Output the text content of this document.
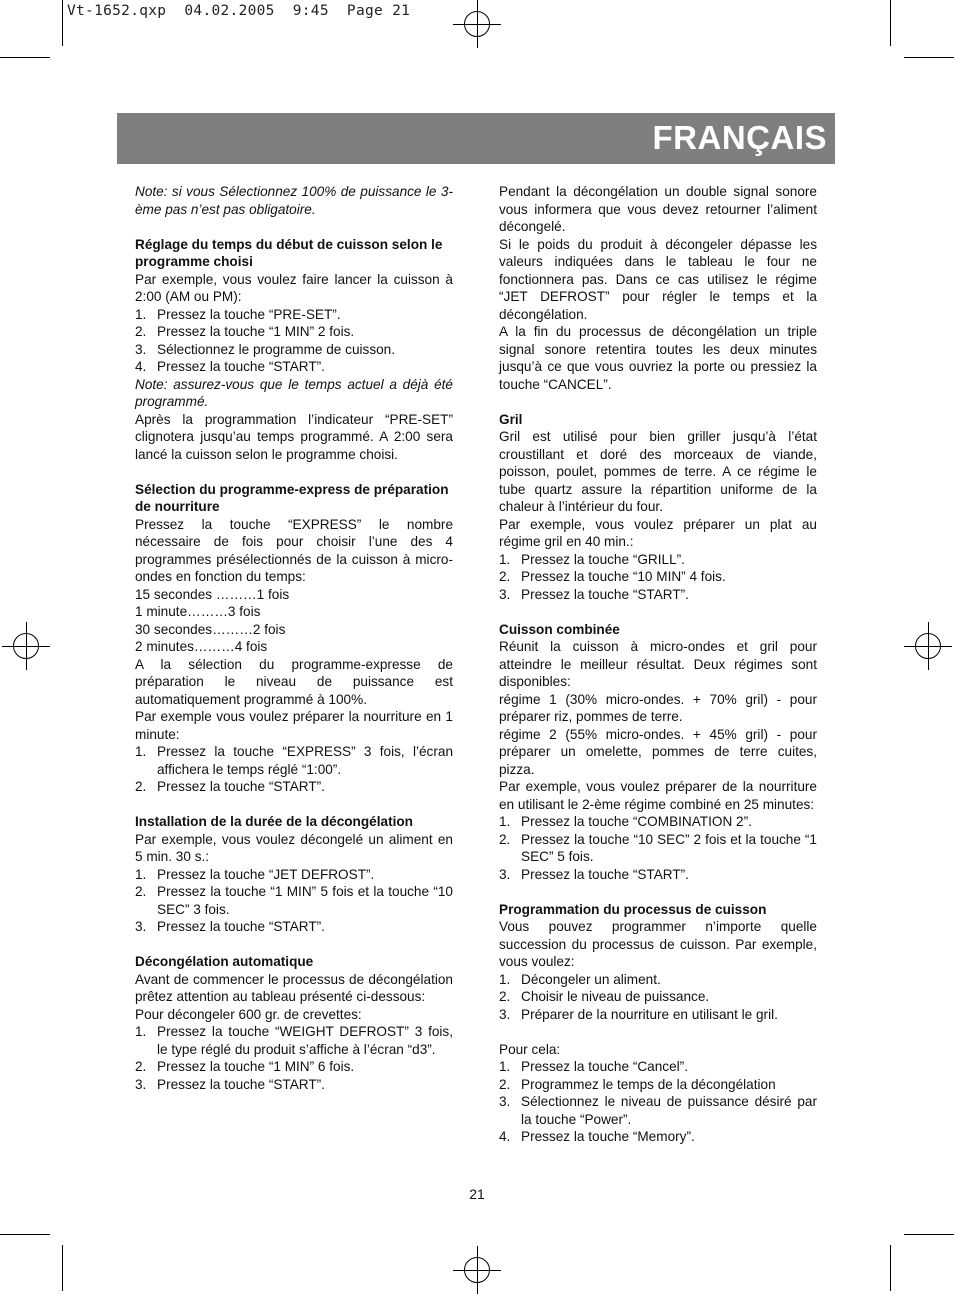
Vt-1652.qxp  04.02.2005  9:45  Page 21
FRANÇAIS

Note: si vous Sélectionnez 100% de puissance le 3-ème pas n’est pas obligatoire.

Réglage du temps du début de cuisson selon le programme choisi

Par exemple, vous voulez faire lancer la cuisson à 2:00 (AM ou PM):

1. Pressez la touche “PRE-SET”.
2. Pressez la touche “1 MIN” 2 fois.
3. Sélectionnez le programme de cuisson.
4. Pressez la touche “START”.

Note: assurez-vous que le temps actuel a déjà été programmé.

Après la programmation l’indicateur “PRE-SET” clignotera jusqu’au temps programmé. A 2:00 sera lancé la cuisson selon le programme choisi.

Sélection du programme-express de préparation de nourriture

Pressez la touche “EXPRESS” le nombre nécessaire de fois pour choisir l’une des 4 programmes présélectionnés de la cuisson à micro-ondes en fonction du temps:

15 secondes ………1 fois

1 minute………3 fois

30 secondes………2 fois

2 minutes………4 fois

A la sélection du programme-expresse de préparation le niveau de puissance est automatiquement programmé à 100%.

Par exemple vous voulez préparer la nourriture en 1 minute:

1. Pressez la touche “EXPRESS” 3 fois, l’écran affichera le temps réglé “1:00”.
2. Pressez la touche “START”.

Installation de la durée de la décongélation

Par exemple, vous voulez décongelé un aliment en 5 min. 30 s.:

1. Pressez la touche “JET DEFROST”.
2. Pressez la touche “1 MIN” 5 fois et la touche “10 SEC” 3 fois.
3. Pressez la touche “START”.

Décongélation automatique

Avant de commencer le processus de décongélation prêtez attention au tableau présenté ci-dessous:

Pour décongeler 600 gr. de crevettes:

1. Pressez la touche “WEIGHT DEFROST” 3 fois, le type réglé du produit s’affiche à l’écran “d3”.
2. Pressez la touche “1 MIN” 6 fois.
3. Pressez la touche “START”.

Pendant la décongélation un double signal sonore vous informera que vous devez retourner l’aliment décongelé.

Si le poids du produit à décongeler dépasse les valeurs indiquées dans le tableau le four ne fonctionnera pas. Dans ce cas utilisez le régime “JET DEFROST” pour régler le temps et la décongélation.

A la fin du processus de décongélation un triple signal sonore retentira toutes les deux minutes jusqu’à ce que vous ouvriez la porte ou pressiez la touche “CANCEL”.

Gril

Gril est utilisé pour bien griller jusqu’à l’état croustillant et doré des morceaux de viande, poisson, poulet, pommes de terre. A ce régime le tube quartz assure la répartition uniforme de la chaleur à l’intérieur du four.

Par exemple, vous voulez préparer un plat au régime gril en 40 min.:

1. Pressez la touche “GRILL”.
2. Pressez la touche “10 MIN” 4 fois.
3. Pressez la touche “START”.

Cuisson combinée

Réunit la cuisson à micro-ondes et gril pour atteindre le meilleur résultat. Deux régimes sont disponibles:

régime 1 (30% micro-ondes. + 70% gril) - pour préparer riz, pommes de terre.

régime 2 (55% micro-ondes. + 45% gril) - pour préparer un omelette, pommes de terre cuites, pizza.

Par exemple, vous voulez préparer de la nourriture en utilisant le 2-ème régime combiné en 25 minutes:

1. Pressez la touche “COMBINATION 2”.
2. Pressez la touche “10 SEC” 2 fois et la touche “1 SEC” 5 fois.
3. Pressez la touche “START”.

Programmation du processus de cuisson

Vous pouvez programmer n’importe quelle succession du processus de cuisson. Par exemple, vous voulez:

1. Décongeler un aliment.
2. Choisir le niveau de puissance.
3. Préparer de la nourriture en utilisant le gril.

Pour cela:

1. Pressez la touche “Cancel”.
2. Programmez le temps de la décongélation
3. Sélectionnez le niveau de puissance désiré par la touche “Power”.
4. Pressez la touche “Memory”.
21
